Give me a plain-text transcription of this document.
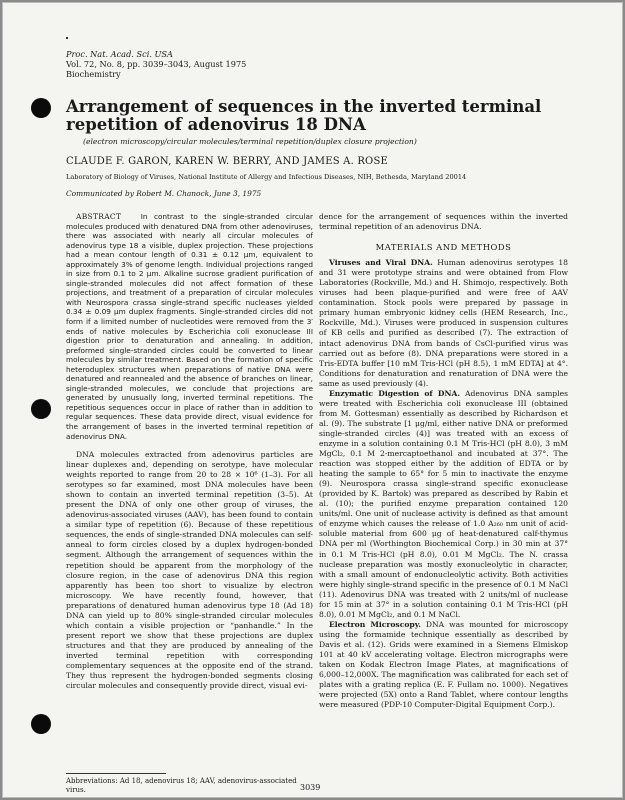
Proc. Nat. Acad. Sci. USA
Vol. 72, No. 8, pp. 3039–3043, August 1975
Biochemistry
Arrangement of sequences in the inverted terminal repetition of adenovirus 18 DNA
(electron microscopy/circular molecules/terminal repetition/duplex closure projection)
CLAUDE F. GARON, KAREN W. BERRY, AND JAMES A. ROSE
Laboratory of Biology of Viruses, National Institute of Allergy and Infectious Diseases, NIH, Bethesda, Maryland 20014
Communicated by Robert M. Chanock, June 3, 1975

ABSTRACT	In contrast to the single-stranded circular molecules produced with denatured DNA from other adenoviruses, there was associated with nearly all circular molecules of adenovirus type 18 a visible, duplex projection. These projections had a mean contour length of 0.31 ± 0.12 μm, equivalent to approximately 3% of genome length. Individual projections ranged in size from 0.1 to 2 μm. Alkaline sucrose gradient purification of single-stranded molecules did not affect formation of these projections, and treatment of a preparation of circular molecules with Neurospora crassa single-strand specific nucleases yielded 0.34 ± 0.09 μm duplex fragments. Single-stranded circles did not form if a limited number of nucleotides were removed from the 3′ ends of native molecules by Escherichia coli exonuclease III digestion prior to denaturation and annealing. In addition, preformed single-stranded circles could be converted to linear molecules by similar treatment. Based on the formation of specific heteroduplex structures when preparations of native DNA were denatured and reannealed and the absence of branches on linear, single-stranded molecules, we conclude that projections are generated by unusually long, inverted terminal repetitions. The repetitious sequences occur in place of rather than in addition to regular sequences. These data provide direct, visual evidence for the arrangement of bases in the inverted terminal repetition of adenovirus DNA.

DNA molecules extracted from adenovirus particles are linear duplexes and, depending on serotype, have molecular weights reported to range from 20 to 28 × 10⁶ (1–3). For all serotypes so far examined, most DNA molecules have been shown to contain an inverted terminal repetition (3–5). At present the DNA of only one other group of viruses, the adenovirus-associated viruses (AAV), has been found to contain a similar type of repetition (6). Because of these repetitious sequences, the ends of single-stranded DNA molecules can self-anneal to form circles closed by a duplex hydrogen-bonded segment. Although the arrangement of sequences within the repetition should be apparent from the morphology of the closure region, in the case of adenovirus DNA this region apparently has been too short to visualize by electron microscopy. We have recently found, however, that preparations of denatured human adenovirus type 18 (Ad 18) DNA can yield up to 80% single-stranded circular molecules which contain a visible projection or “panhandle.” In the present report we show that these projections are duplex structures and that they are produced by annealing of the inverted terminal repetition with corresponding complementary sequences at the opposite end of the strand. They thus represent the hydrogen-bonded segments closing circular molecules and consequently provide direct, visual evi-

dence for the arrangement of sequences within the inverted terminal repetition of an adenovirus DNA.

MATERIALS AND METHODS

Viruses and Viral DNA. Human adenovirus serotypes 18 and 31 were prototype strains and were obtained from Flow Laboratories (Rockville, Md.) and H. Shimojo, respectively. Both viruses had been plaque-purified and were free of AAV contamination. Stock pools were prepared by passage in primary human embryonic kidney cells (HEM Research, Inc., Rockville, Md.). Viruses were produced in suspension cultures of KB cells and purified as described (7). The extraction of intact adenovirus DNA from bands of CsCl-purified virus was carried out as before (8). DNA preparations were stored in a Tris-EDTA buffer [10 mM Tris-HCl (pH 8.5), 1 mM EDTA] at 4°. Conditions for denaturation and renaturation of DNA were the same as used previously (4).

Enzymatic Digestion of DNA. Adenovirus DNA samples were treated with Escherichia coli exonuclease III (obtained from M. Gottesman) essentially as described by Richardson et al. (9). The substrate [1 μg/ml, either native DNA or preformed single-stranded circles (4)] was treated with an excess of enzyme in a solution containing 0.1 M Tris-HCl (pH 8.0), 3 mM MgCl₂, 0.1 M 2-mercaptoethanol and incubated at 37°. The reaction was stopped either by the addition of EDTA or by heating the sample to 65° for 5 min to inactivate the enzyme (9). Neurospora crassa single-strand specific exonuclease (provided by K. Bartok) was prepared as described by Rabin et al. (10); the purified enzyme preparation contained 120 units/ml. One unit of nuclease activity is defined as that amount of enzyme which causes the release of 1.0 A₂₆₀ nm unit of acid-soluble material from 600 μg of heat-denatured calf-thymus DNA per ml (Worthington Biochemical Corp.) in 30 min at 37° in 0.1 M Tris-HCl (pH 8.0), 0.01 M MgCl₂. The N. crassa nuclease preparation was mostly exonucleolytic in character, with a small amount of endonucleolytic activity. Both activities were highly single-strand specific in the presence of 0.1 M NaCl (11). Adenovirus DNA was treated with 2 units/ml of nuclease for 15 min at 37° in a solution containing 0.1 M Tris-HCl (pH 8.0), 0.01 M MgCl₂, and 0.1 M NaCl.

Electron Microscopy. DNA was mounted for microscopy using the formamide technique essentially as described by Davis et al. (12). Grids were examined in a Siemens Elmiskop 101 at 40 kV accelerating voltage. Electron micrographs were taken on Kodak Electron Image Plates, at magnifications of 6,000–12,000X. The magnification was calibrated for each set of plates with a grating replica (E. F. Fullam no. 1000). Negatives were projected (5X) onto a Rand Tablet, where contour lengths were measured (PDP-10 Computer-Digital Equipment Corp.).

Abbreviations: Ad 18, adenovirus 18; AAV, adenovirus-associated virus.	3039
